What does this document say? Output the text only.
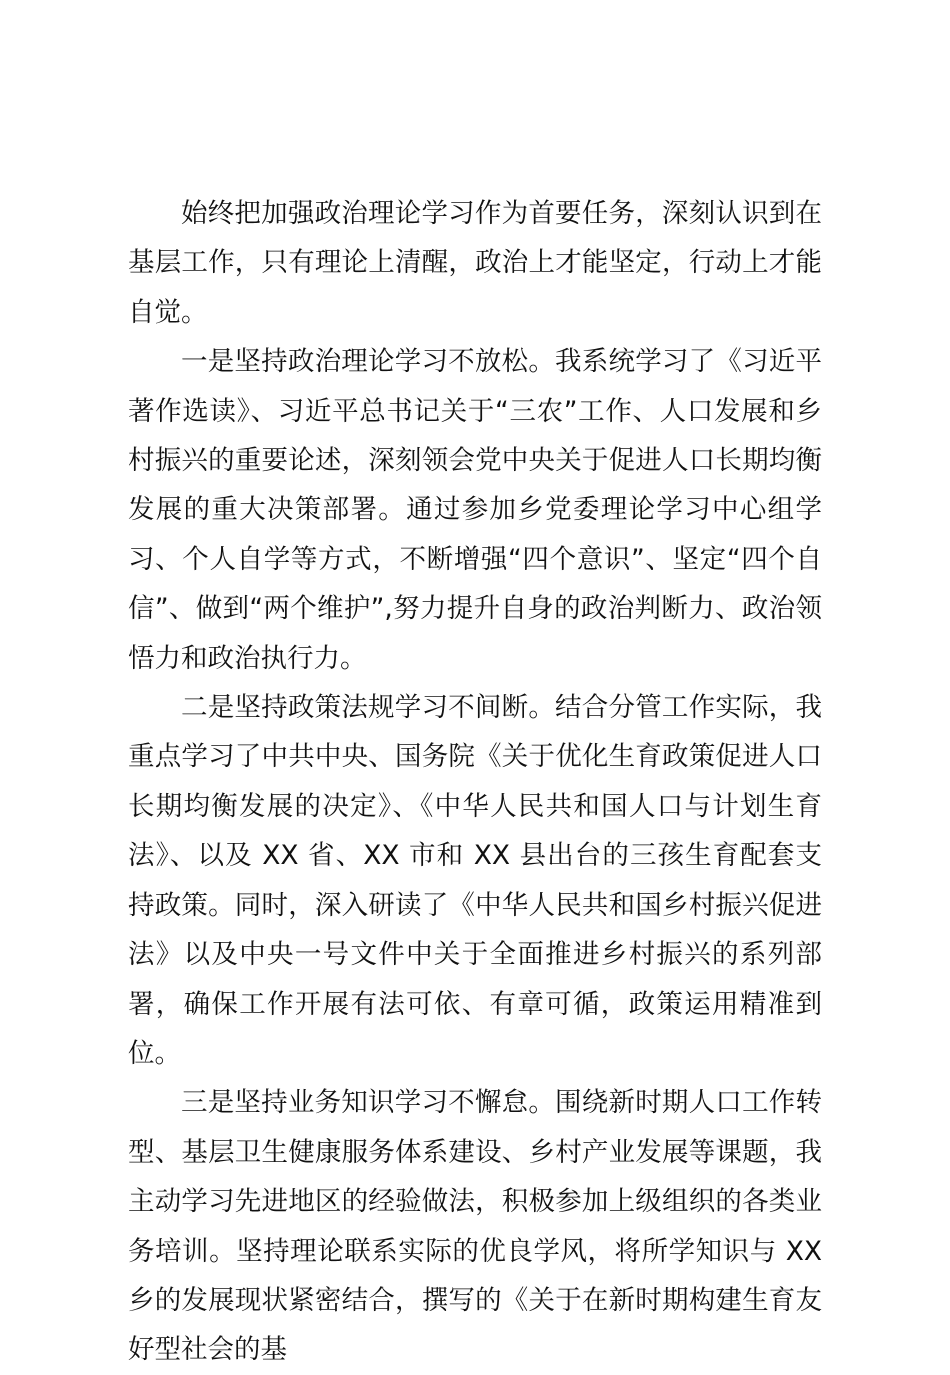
始终把加强政治理论学习作为首要任务，深刻认识到在基层工作，只有理论上清醒，政治上才能坚定，行动上才能自觉。

一是坚持政治理论学习不放松。我系统学习了《习近平著作选读》、习近平总书记关于“三农”工作、人口发展和乡村振兴的重要论述，深刻领会党中央关于促进人口长期均衡发展的重大决策部署。通过参加乡党委理论学习中心组学习、个人自学等方式，不断增强“四个意识”、坚定“四个自信”、做到“两个维护”,努力提升自身的政治判断力、政治领悟力和政治执行力。

二是坚持政策法规学习不间断。结合分管工作实际，我重点学习了中共中央、国务院《关于优化生育政策促进人口长期均衡发展的决定》、《中华人民共和国人口与计划生育法》、以及 XX 省、XX 市和 XX 县出台的三孩生育配套支持政策。同时，深入研读了《中华人民共和国乡村振兴促进法》以及中央一号文件中关于全面推进乡村振兴的系列部署，确保工作开展有法可依、有章可循，政策运用精准到位。

三是坚持业务知识学习不懈怠。围绕新时期人口工作转型、基层卫生健康服务体系建设、乡村产业发展等课题，我主动学习先进地区的经验做法，积极参加上级组织的各类业务培训。坚持理论联系实际的优良学风，将所学知识与 XX 乡的发展现状紧密结合，撰写的《关于在新时期构建生育友好型社会的基
